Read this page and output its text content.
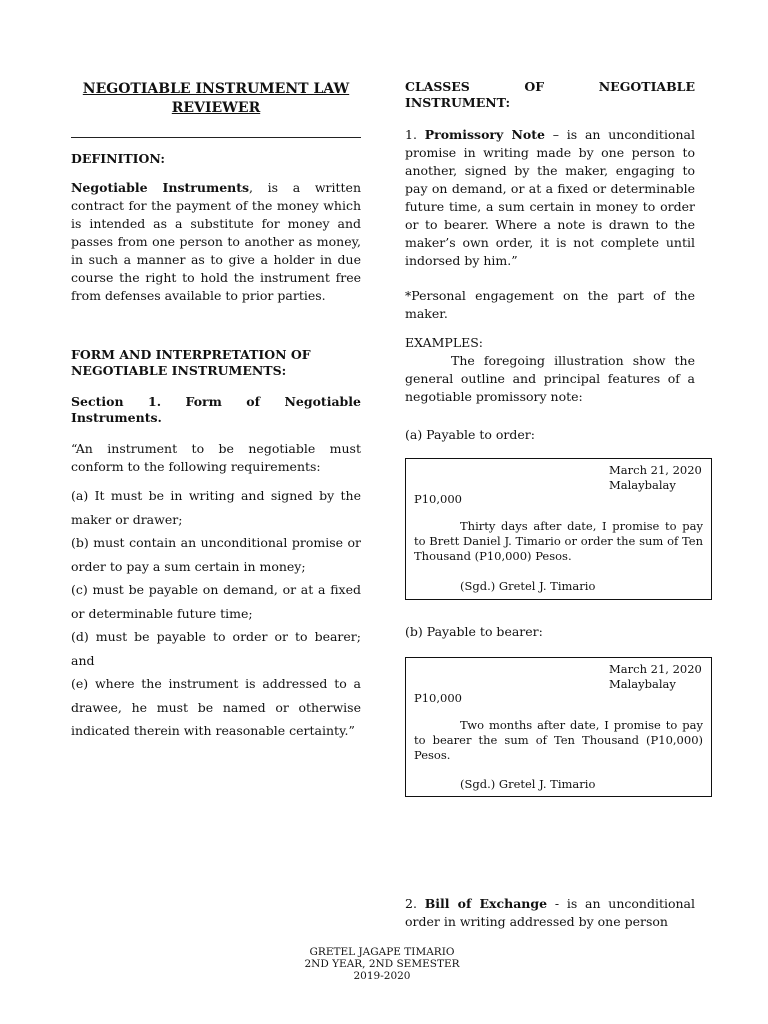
NEGOTIABLE INSTRUMENT LAW REVIEWER

DEFINITION:

Negotiable Instruments, is a written contract for the payment of the money which is intended as a substitute for money and passes from one person to another as money, in such a manner as to give a holder in due course the right to hold the instrument free from defenses available to prior parties.

FORM AND INTERPRETATION OF NEGOTIABLE INSTRUMENTS:

Section 1. Form of Negotiable Instruments.

“An instrument to be negotiable must conform to the following requirements:

(a) It must be in writing and signed by the maker or drawer;
(b) must contain an unconditional promise or order to pay a sum certain in money;
(c) must be payable on demand, or at a fixed or determinable future time;
(d) must be payable to order or to bearer; and
(e) where the instrument is addressed to a drawee, he must be named or otherwise indicated therein with reasonable certainty.”

CLASSES OF NEGOTIABLE INSTRUMENT:

1. Promissory Note – is an unconditional promise in writing made by one person to another, signed by the maker, engaging to pay on demand, or at a fixed or determinable future time, a sum certain in money to order or to bearer. Where a note is drawn to the maker’s own order, it is not complete until indorsed by him.”

*Personal engagement on the part of the maker.

EXAMPLES:

The foregoing illustration show the general outline and principal features of a negotiable promissory note:

(a) Payable to order:

March 21, 2020
Malaybalay
P10,000
Thirty days after date, I promise to pay to Brett Daniel J. Timario or order the sum of Ten Thousand (P10,000) Pesos.
(Sgd.) Gretel J. Timario

(b) Payable to bearer:

March 21, 2020
Malaybalay
P10,000
Two months after date, I promise to pay to bearer the sum of Ten Thousand (P10,000) Pesos.
(Sgd.) Gretel J. Timario

2. Bill of Exchange - is an unconditional order in writing addressed by one person

GRETEL JAGAPE TIMARIO
2ND YEAR, 2ND SEMESTER
2019-2020
